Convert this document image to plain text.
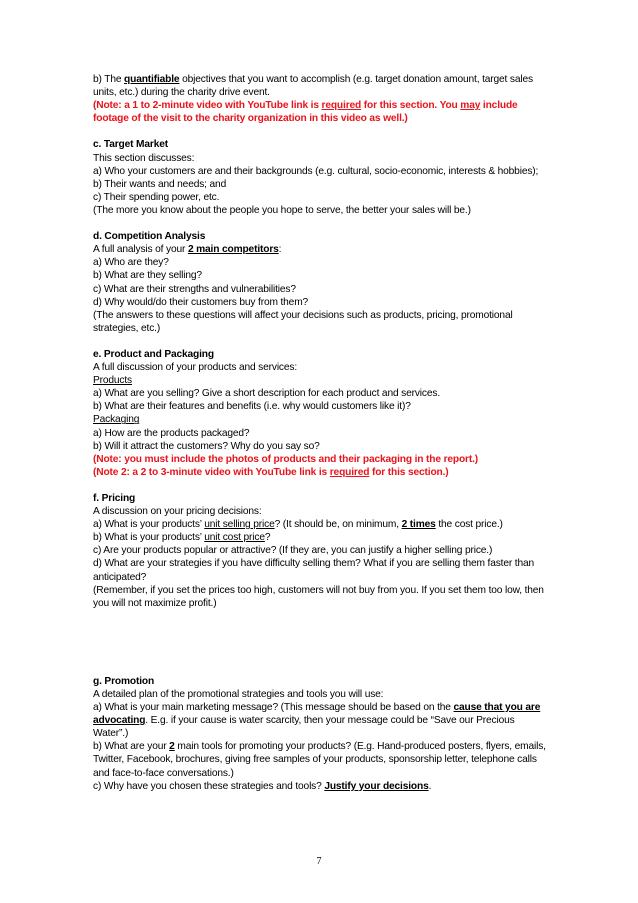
b) The quantifiable objectives that you want to accomplish (e.g. target donation amount, target sales
units, etc.) during the charity drive event.
(Note: a 1 to 2-minute video with YouTube link is required for this section. You may include
footage of the visit to the charity organization in this video as well.)
c. Target Market
This section discusses:
a) Who your customers are and their backgrounds (e.g. cultural, socio-economic, interests & hobbies);
b) Their wants and needs; and
c) Their spending power, etc.
(The more you know about the people you hope to serve, the better your sales will be.)
d. Competition Analysis
A full analysis of your 2 main competitors:
a) Who are they?
b) What are they selling?
c) What are their strengths and vulnerabilities?
d) Why would/do their customers buy from them?
(The answers to these questions will affect your decisions such as products, pricing, promotional
strategies, etc.)
e. Product and Packaging
A full discussion of your products and services:
Products
a) What are you selling? Give a short description for each product and services.
b) What are their features and benefits (i.e. why would customers like it)?
Packaging
a) How are the products packaged?
b) Will it attract the customers? Why do you say so?
(Note: you must include the photos of products and their packaging in the report.)
(Note 2: a 2 to 3-minute video with YouTube link is required for this section.)
f. Pricing
A discussion on your pricing decisions:
a) What is your products’ unit selling price? (It should be, on minimum, 2 times the cost price.)
b) What is your products’ unit cost price?
c) Are your products popular or attractive? (If they are, you can justify a higher selling price.)
d) What are your strategies if you have difficulty selling them? What if you are selling them faster than
anticipated?
(Remember, if you set the prices too high, customers will not buy from you. If you set them too low, then
you will not maximize profit.)
g. Promotion
A detailed plan of the promotional strategies and tools you will use:
a) What is your main marketing message? (This message should be based on the cause that you are
advocating. E.g. if your cause is water scarcity, then your message could be “Save our Precious
Water”.)
b) What are your 2 main tools for promoting your products? (E.g. Hand-produced posters, flyers, emails,
Twitter, Facebook, brochures, giving free samples of your products, sponsorship letter, telephone calls
and face-to-face conversations.)
c) Why have you chosen these strategies and tools? Justify your decisions.
7
